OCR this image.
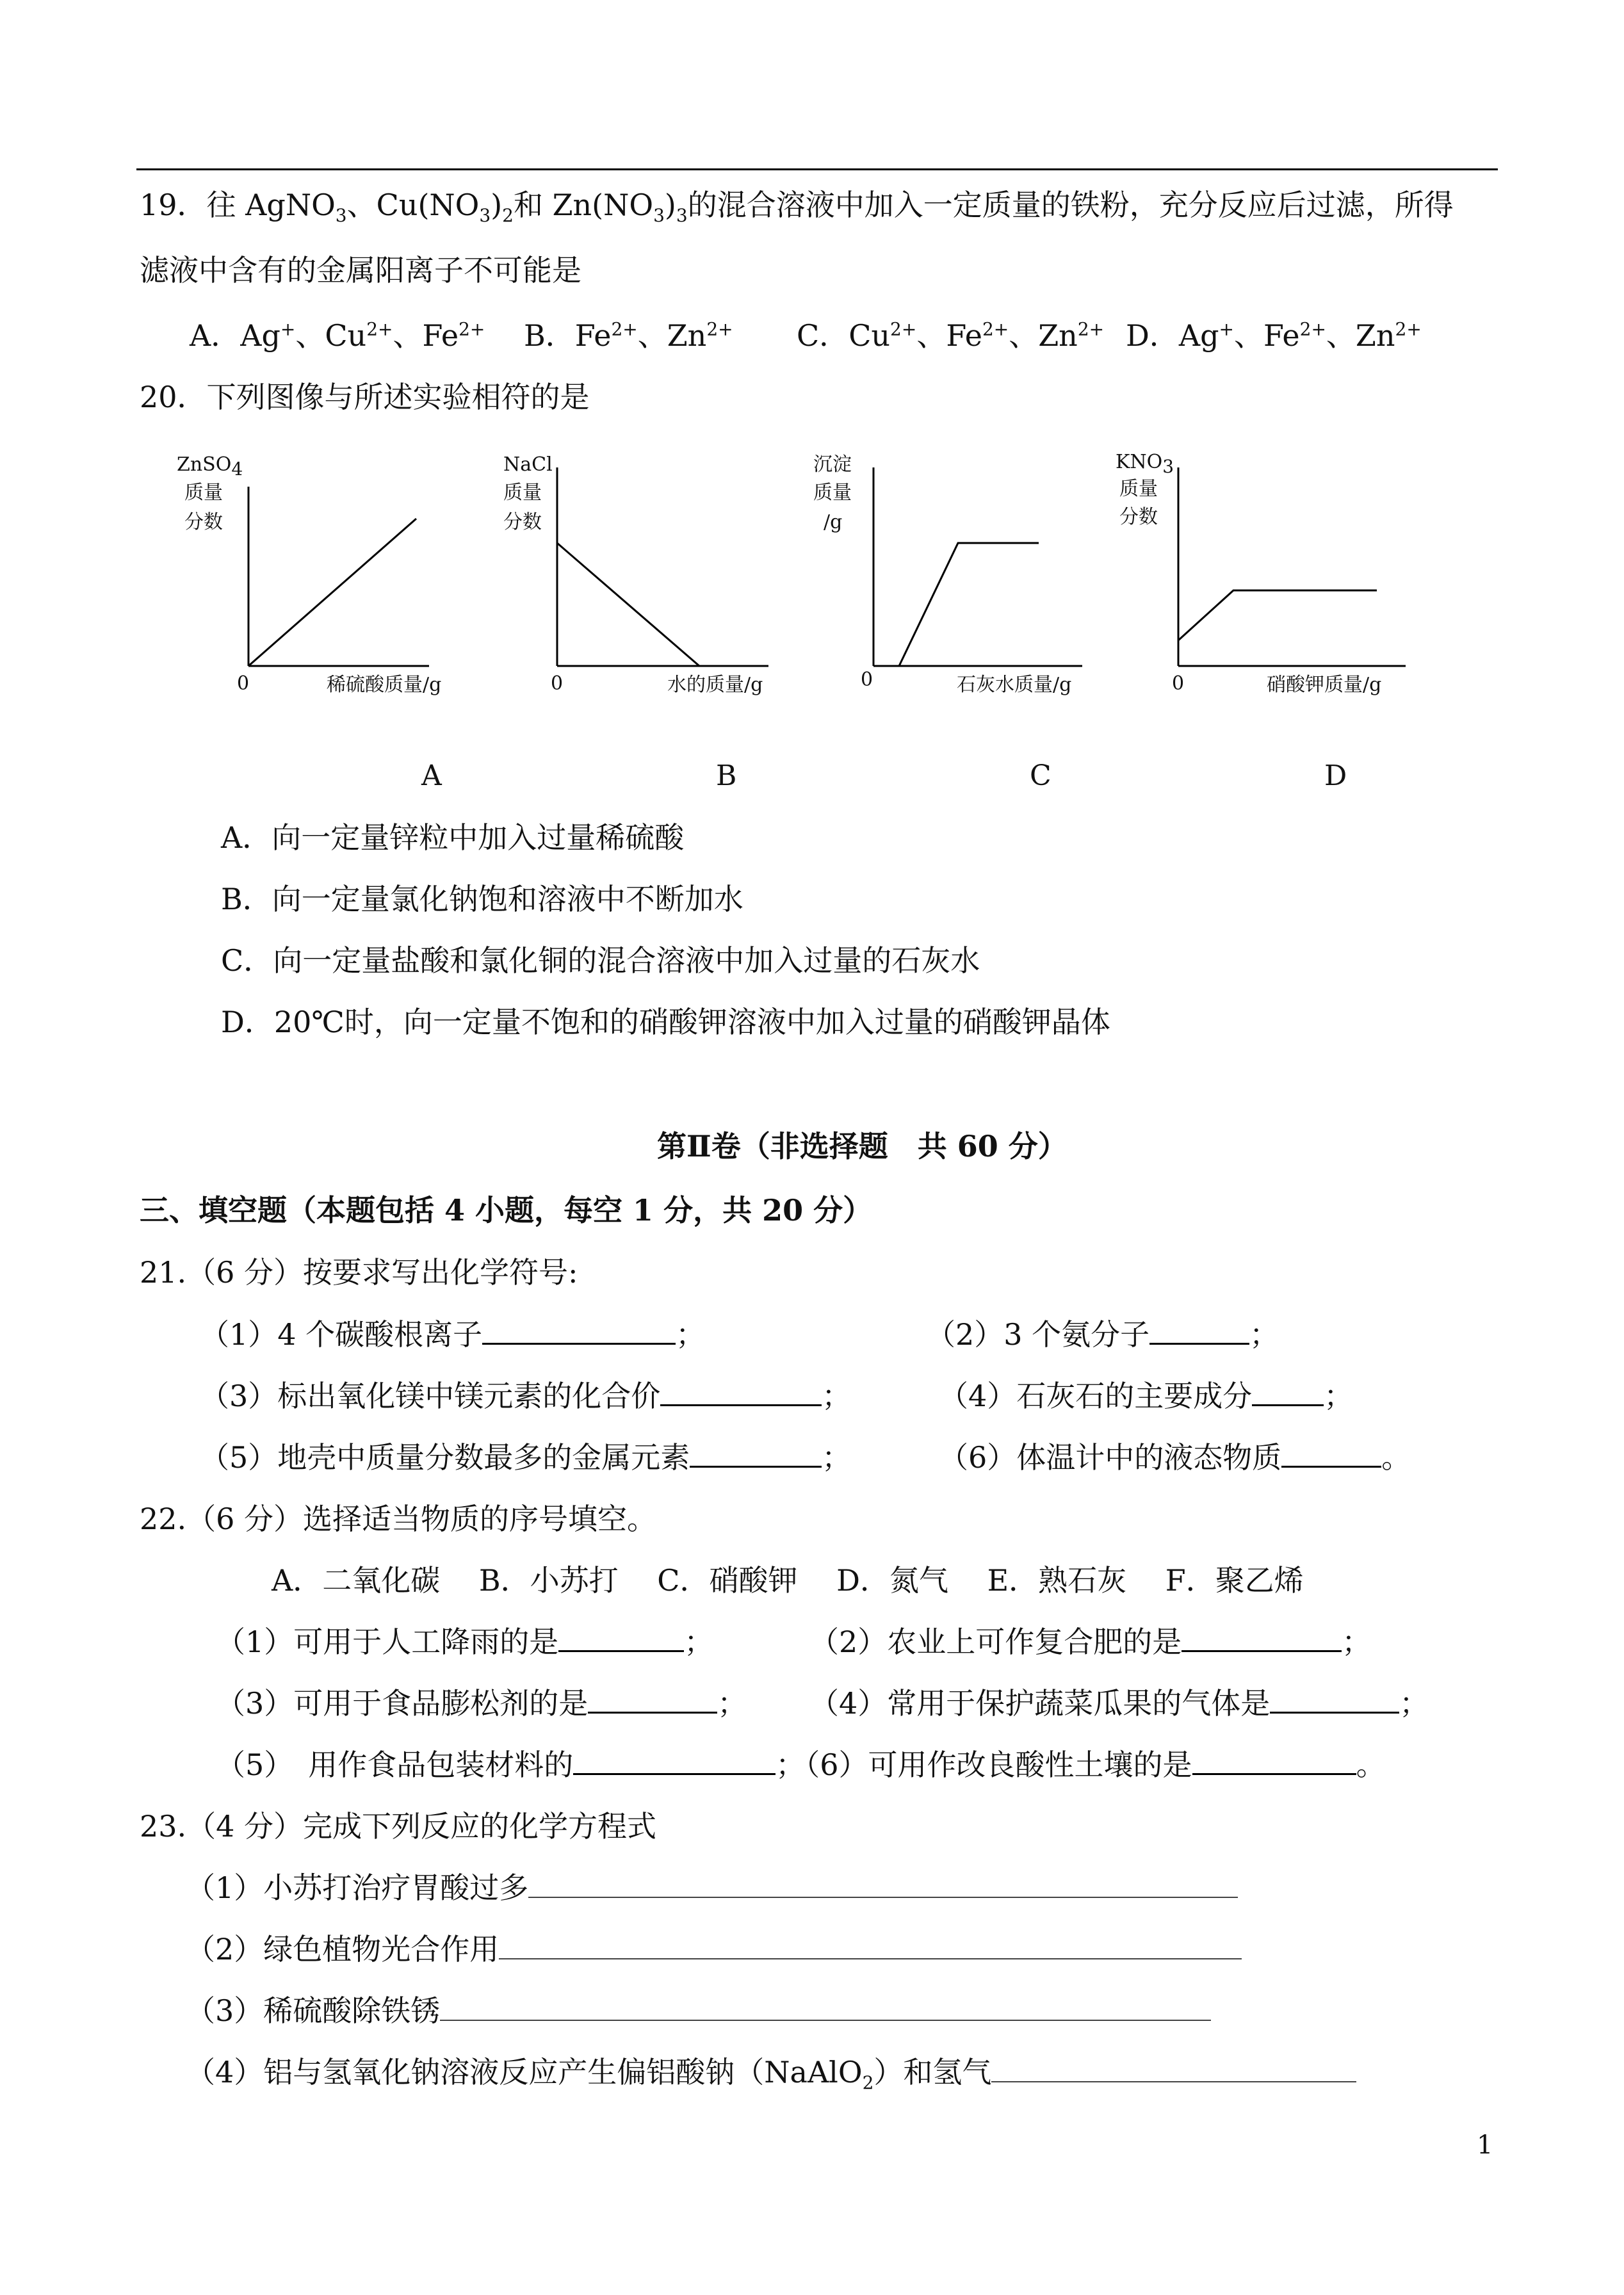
19．往 AgNO$_3$、$Cu(NO_3)_2$和 $Zn(NO_3)_3$的混合溶液中加入一定质量的铁粉，充分反应后过滤，所得
滤液中含有的金属阳离子不可能是
A．Ag+、$Cu^{2+}$、$Fe^{2+}$ B．$Fe^{2+}$、$Zn^{2+}$ C．$Cu^{2+}$、$Fe^{2+}$、$Zn^{2+}$ D．Ag+、$Fe^{2+}$、$Zn^{2+}$
20．下列图像与所述实验相符的是
ZnSO$_4$
质量
分数
0	稀硫酸质量/g
A
NaCl
质量
分数
0	水的质量/g
B
沉淀
质量
/g
0	石灰水质量/g
C
$KNO_3$
质量
分数
0	硝酸钾质量/g
D
A．向一定量锌粒中加入过量稀硫酸
B．向一定量氯化钠饱和溶液中不断加水
C．向一定量盐酸和氯化铜的混合溶液中加入过量的石灰水
D．20℃时，向一定量不饱和的硝酸钾溶液中加入过量的硝酸钾晶体
第Ⅱ卷（非选择题　共 60 分）
三、填空题（本题包括 4 小题，每空 1 分，共 20 分）
21.（6 分）按要求写出化学符号:
（1）4 个碳酸根离子	；	（2）3 个氨分子	；
（3）标出氧化镁中镁元素的化合价	；	（4）石灰石的主要成分 ；
（5）地壳中质量分数最多的金属元素	；	（6）体温计中的液态物质	。
22.（6 分）选择适当物质的序号填空。
A．二氧化碳　 B．小苏打　 C．硝酸钾　 D．氮气　 E．熟石灰　 F．聚乙烯
（1）可用于人工降雨的是	；	（2）农业上可作复合肥的是	；
（3）可用于食品膨松剂的是	； （4）常用于保护蔬菜瓜果的气体是	；
（5）　用作食品包装材料的	；（6）可用作改良酸性土壤的是	。
23.（4 分）完成下列反应的化学方程式
（1）小苏打治疗胃酸过多
（2）绿色植物光合作用
（3）稀硫酸除铁锈
（4）铝与氢氧化钠溶液反应产生偏铝酸钠（NaAlO$_2$）和氢气
1
